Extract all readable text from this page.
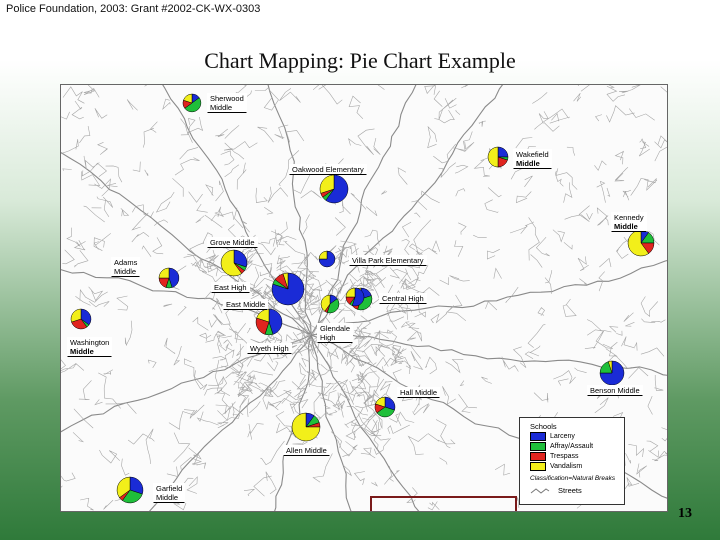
Police Foundation, 2003: Grant #2002-CK-WX-0303
Chart Mapping: Pie Chart Example
Sherwood
Middle
Wakefield
Middle
Oakwood Elementary
Kennedy
Middle
Grove Middle
Adams
Middle
Villa Park Elementary
East High
East Middle
Central High
Washington
Middle	Wyeth High
Glendale
High
Hall Middle	Benson Middle
Allen Middle
Garfield
Middle
Schools
Larceny
Affray/Assault
Trespass
Vandalism
Classification=Natural Breaks
Streets
13
